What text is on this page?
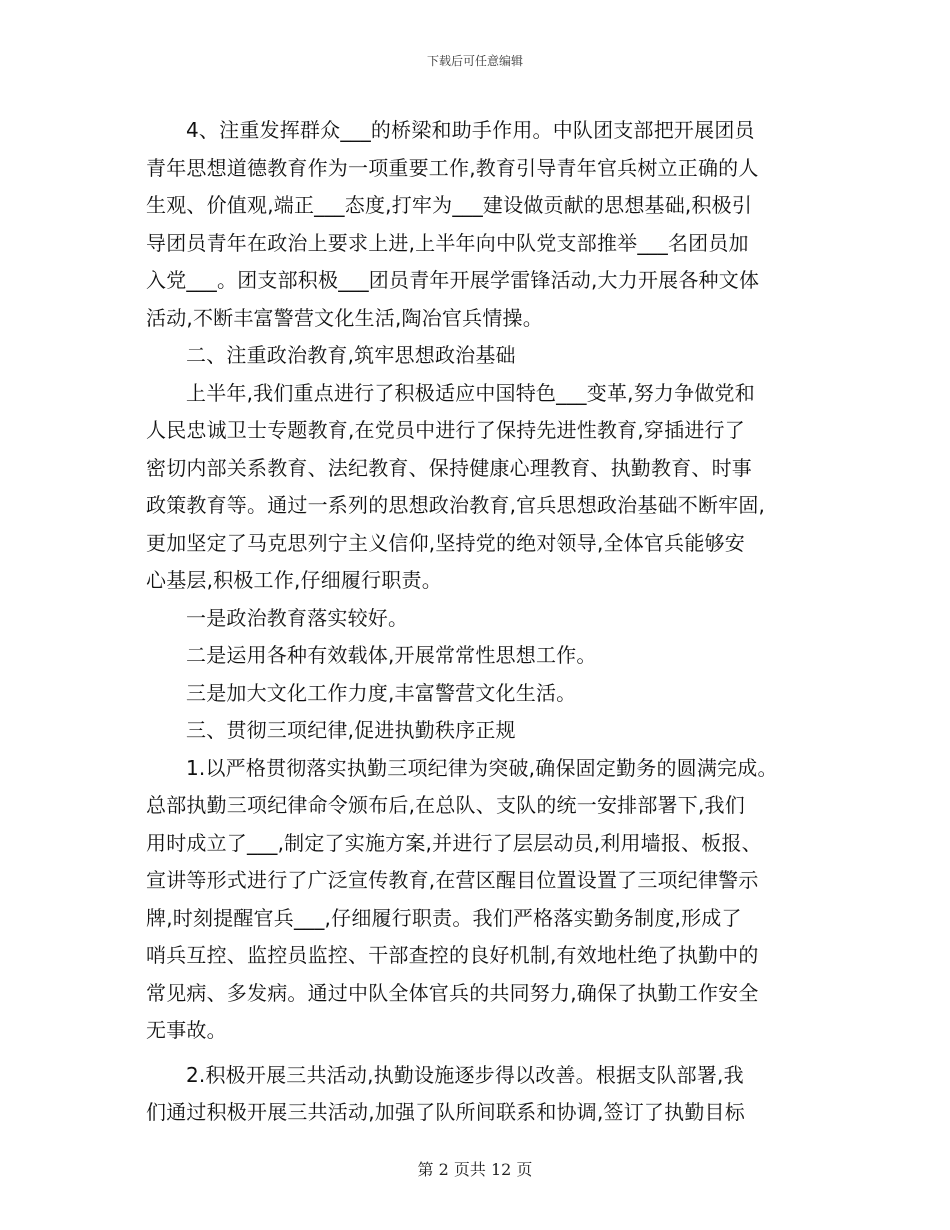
下载后可任意编辑
4、注重发挥群众___的桥梁和助手作用。中队团支部把开展团员
青年思想道德教育作为一项重要工作,教育引导青年官兵树立正确的人
生观、价值观,端正___态度,打牢为___建设做贡献的思想基础,积极引
导团员青年在政治上要求上进,上半年向中队党支部推举___名团员加
入党___。团支部积极___团员青年开展学雷锋活动,大力开展各种文体
活动,不断丰富警营文化生活,陶冶官兵情操。
二、注重政治教育,筑牢思想政治基础
上半年,我们重点进行了积极适应中国特色___变革,努力争做党和
人民忠诚卫士专题教育,在党员中进行了保持先进性教育,穿插进行了
密切内部关系教育、法纪教育、保持健康心理教育、执勤教育、时事
政策教育等。通过一系列的思想政治教育,官兵思想政治基础不断牢固,
更加坚定了马克思列宁主义信仰,坚持党的绝对领导,全体官兵能够安
心基层,积极工作,仔细履行职责。
一是政治教育落实较好。
二是运用各种有效载体,开展常常性思想工作。
三是加大文化工作力度,丰富警营文化生活。
三、贯彻三项纪律,促进执勤秩序正规
1.以严格贯彻落实执勤三项纪律为突破,确保固定勤务的圆满完成。
总部执勤三项纪律命令颁布后,在总队、支队的统一安排部署下,我们
用时成立了___,制定了实施方案,并进行了层层动员,利用墙报、板报、
宣讲等形式进行了广泛宣传教育,在营区醒目位置设置了三项纪律警示
牌,时刻提醒官兵___,仔细履行职责。我们严格落实勤务制度,形成了
哨兵互控、监控员监控、干部查控的良好机制,有效地杜绝了执勤中的
常见病、多发病。通过中队全体官兵的共同努力,确保了执勤工作安全
无事故。
2.积极开展三共活动,执勤设施逐步得以改善。根据支队部署,我
们通过积极开展三共活动,加强了队所间联系和协调,签订了执勤目标
第 2 页共 12 页
